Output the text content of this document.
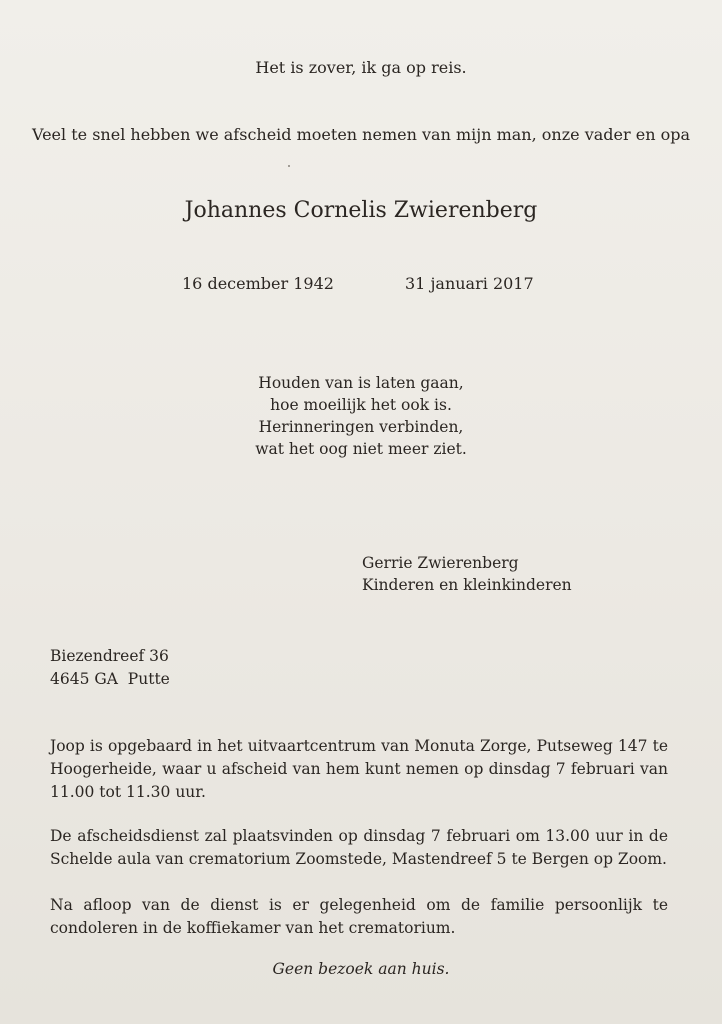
Het is zover, ik ga op reis.
Veel te snel hebben we afscheid moeten nemen van mijn man, onze vader en opa
Johannes Cornelis Zwierenberg
16 december 1942	31 januari 2017
Houden van is laten gaan,
hoe moeilijk het ook is.
Herinneringen verbinden,
wat het oog niet meer ziet.
Gerrie Zwierenberg
Kinderen en kleinkinderen
Biezendreef 36
4645 GA  Putte
Joop is opgebaard in het uitvaartcentrum van Monuta Zorge, Putseweg 147 te Hoogerheide, waar u afscheid van hem kunt nemen op dinsdag 7 februari van 11.00 tot 11.30 uur.
De afscheidsdienst zal plaatsvinden op dinsdag 7 februari om 13.00 uur in de Schelde aula van crematorium Zoomstede, Mastendreef 5 te Bergen op Zoom.
Na afloop van de dienst is er gelegenheid om de familie persoonlijk te condoleren in de koffiekamer van het crematorium.
Geen bezoek aan huis.
